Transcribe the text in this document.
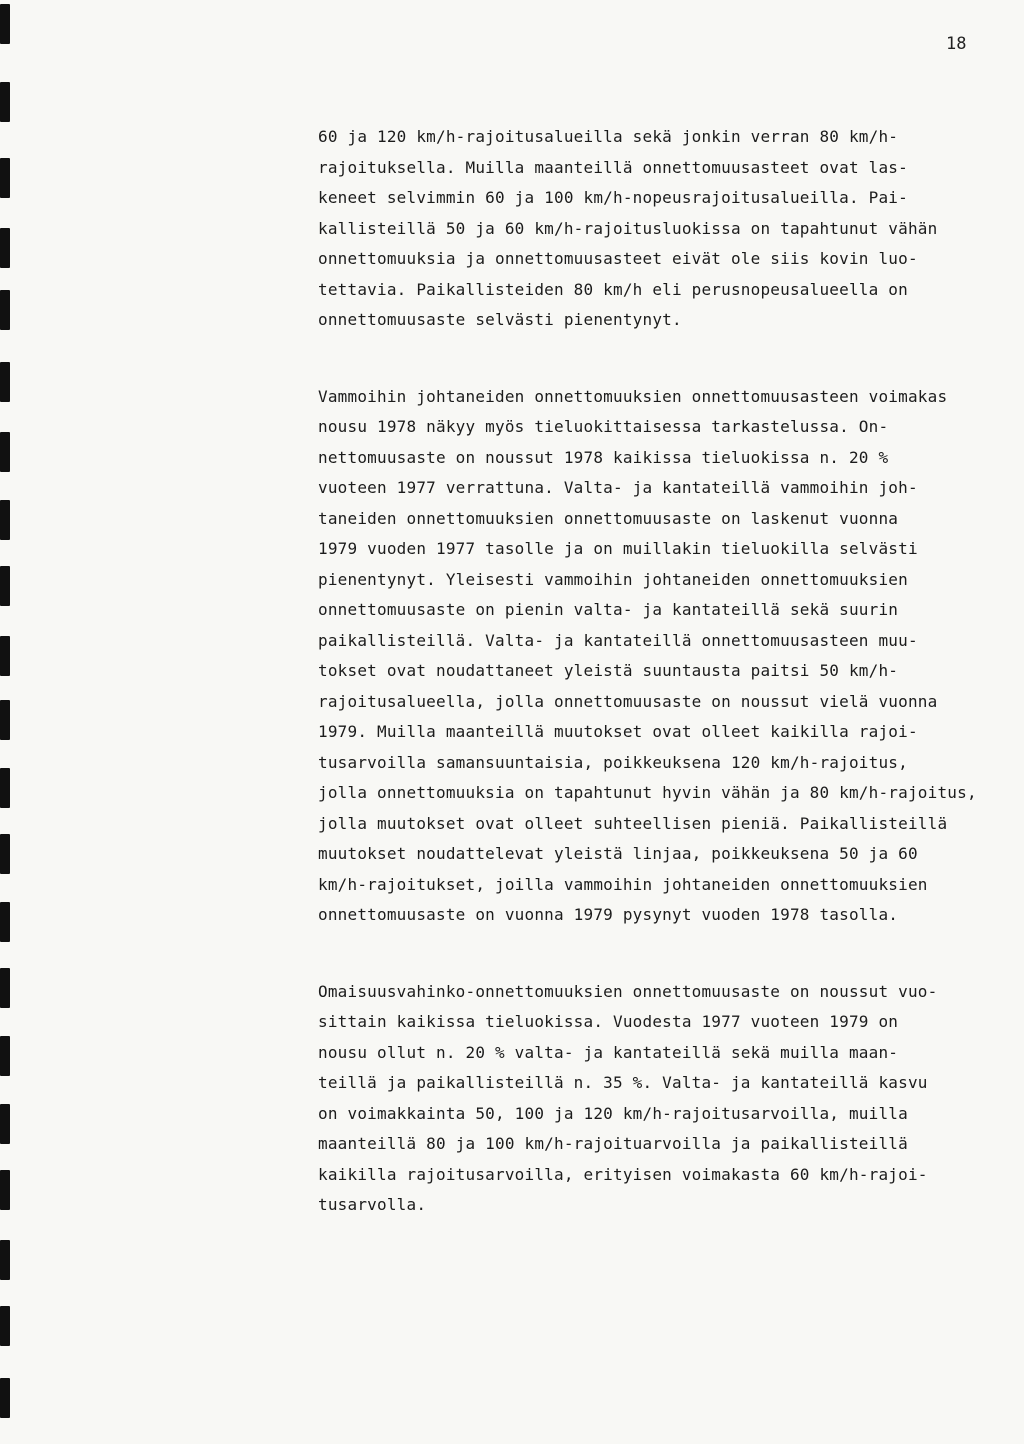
18
60 ja 120 km/h-rajoitusalueilla sekä jonkin verran 80 km/h-
rajoituksella. Muilla maanteillä onnettomuusasteet ovat las-
keneet selvimmin 60 ja 100 km/h-nopeusrajoitusalueilla. Pai-
kallisteillä 50 ja 60 km/h-rajoitusluokissa on tapahtunut vähän
onnettomuuksia ja onnettomuusasteet eivät ole siis kovin luo-
tettavia. Paikallisteiden 80 km/h eli perusnopeusalueella on
onnettomuusaste selvästi pienentynyt.
Vammoihin johtaneiden onnettomuuksien onnettomuusasteen voimakas
nousu 1978 näkyy myös tieluokittaisessa tarkastelussa. On-
nettomuusaste on noussut 1978 kaikissa tieluokissa n. 20 %
vuoteen 1977 verrattuna. Valta- ja kantateillä vammoihin joh-
taneiden onnettomuuksien onnettomuusaste on laskenut vuonna
1979 vuoden 1977 tasolle ja on muillakin tieluokilla selvästi
pienentynyt. Yleisesti vammoihin johtaneiden onnettomuuksien
onnettomuusaste on pienin valta- ja kantateillä sekä suurin
paikallisteillä. Valta- ja kantateillä onnettomuusasteen muu-
tokset ovat noudattaneet yleistä suuntausta paitsi 50 km/h-
rajoitusalueella, jolla onnettomuusaste on noussut vielä vuonna
1979. Muilla maanteillä muutokset ovat olleet kaikilla rajoi-
tusarvoilla samansuuntaisia, poikkeuksena 120 km/h-rajoitus,
jolla onnettomuuksia on tapahtunut hyvin vähän ja 80 km/h-rajoitus,
jolla muutokset ovat olleet suhteellisen pieniä. Paikallisteillä
muutokset noudattelevat yleistä linjaa, poikkeuksena 50 ja 60
km/h-rajoitukset, joilla vammoihin johtaneiden onnettomuuksien
onnettomuusaste on vuonna 1979 pysynyt vuoden 1978 tasolla.
Omaisuusvahinko-onnettomuuksien onnettomuusaste on noussut vuo-
sittain kaikissa tieluokissa. Vuodesta 1977 vuoteen 1979 on
nousu ollut n. 20 % valta- ja kantateillä sekä muilla maan-
teillä ja paikallisteillä n. 35 %. Valta- ja kantateillä kasvu
on voimakkainta 50, 100 ja 120 km/h-rajoitusarvoilla, muilla
maanteillä 80 ja 100 km/h-rajoituarvoilla ja paikallisteillä
kaikilla rajoitusarvoilla, erityisen voimakasta 60 km/h-rajoi-
tusarvolla.
